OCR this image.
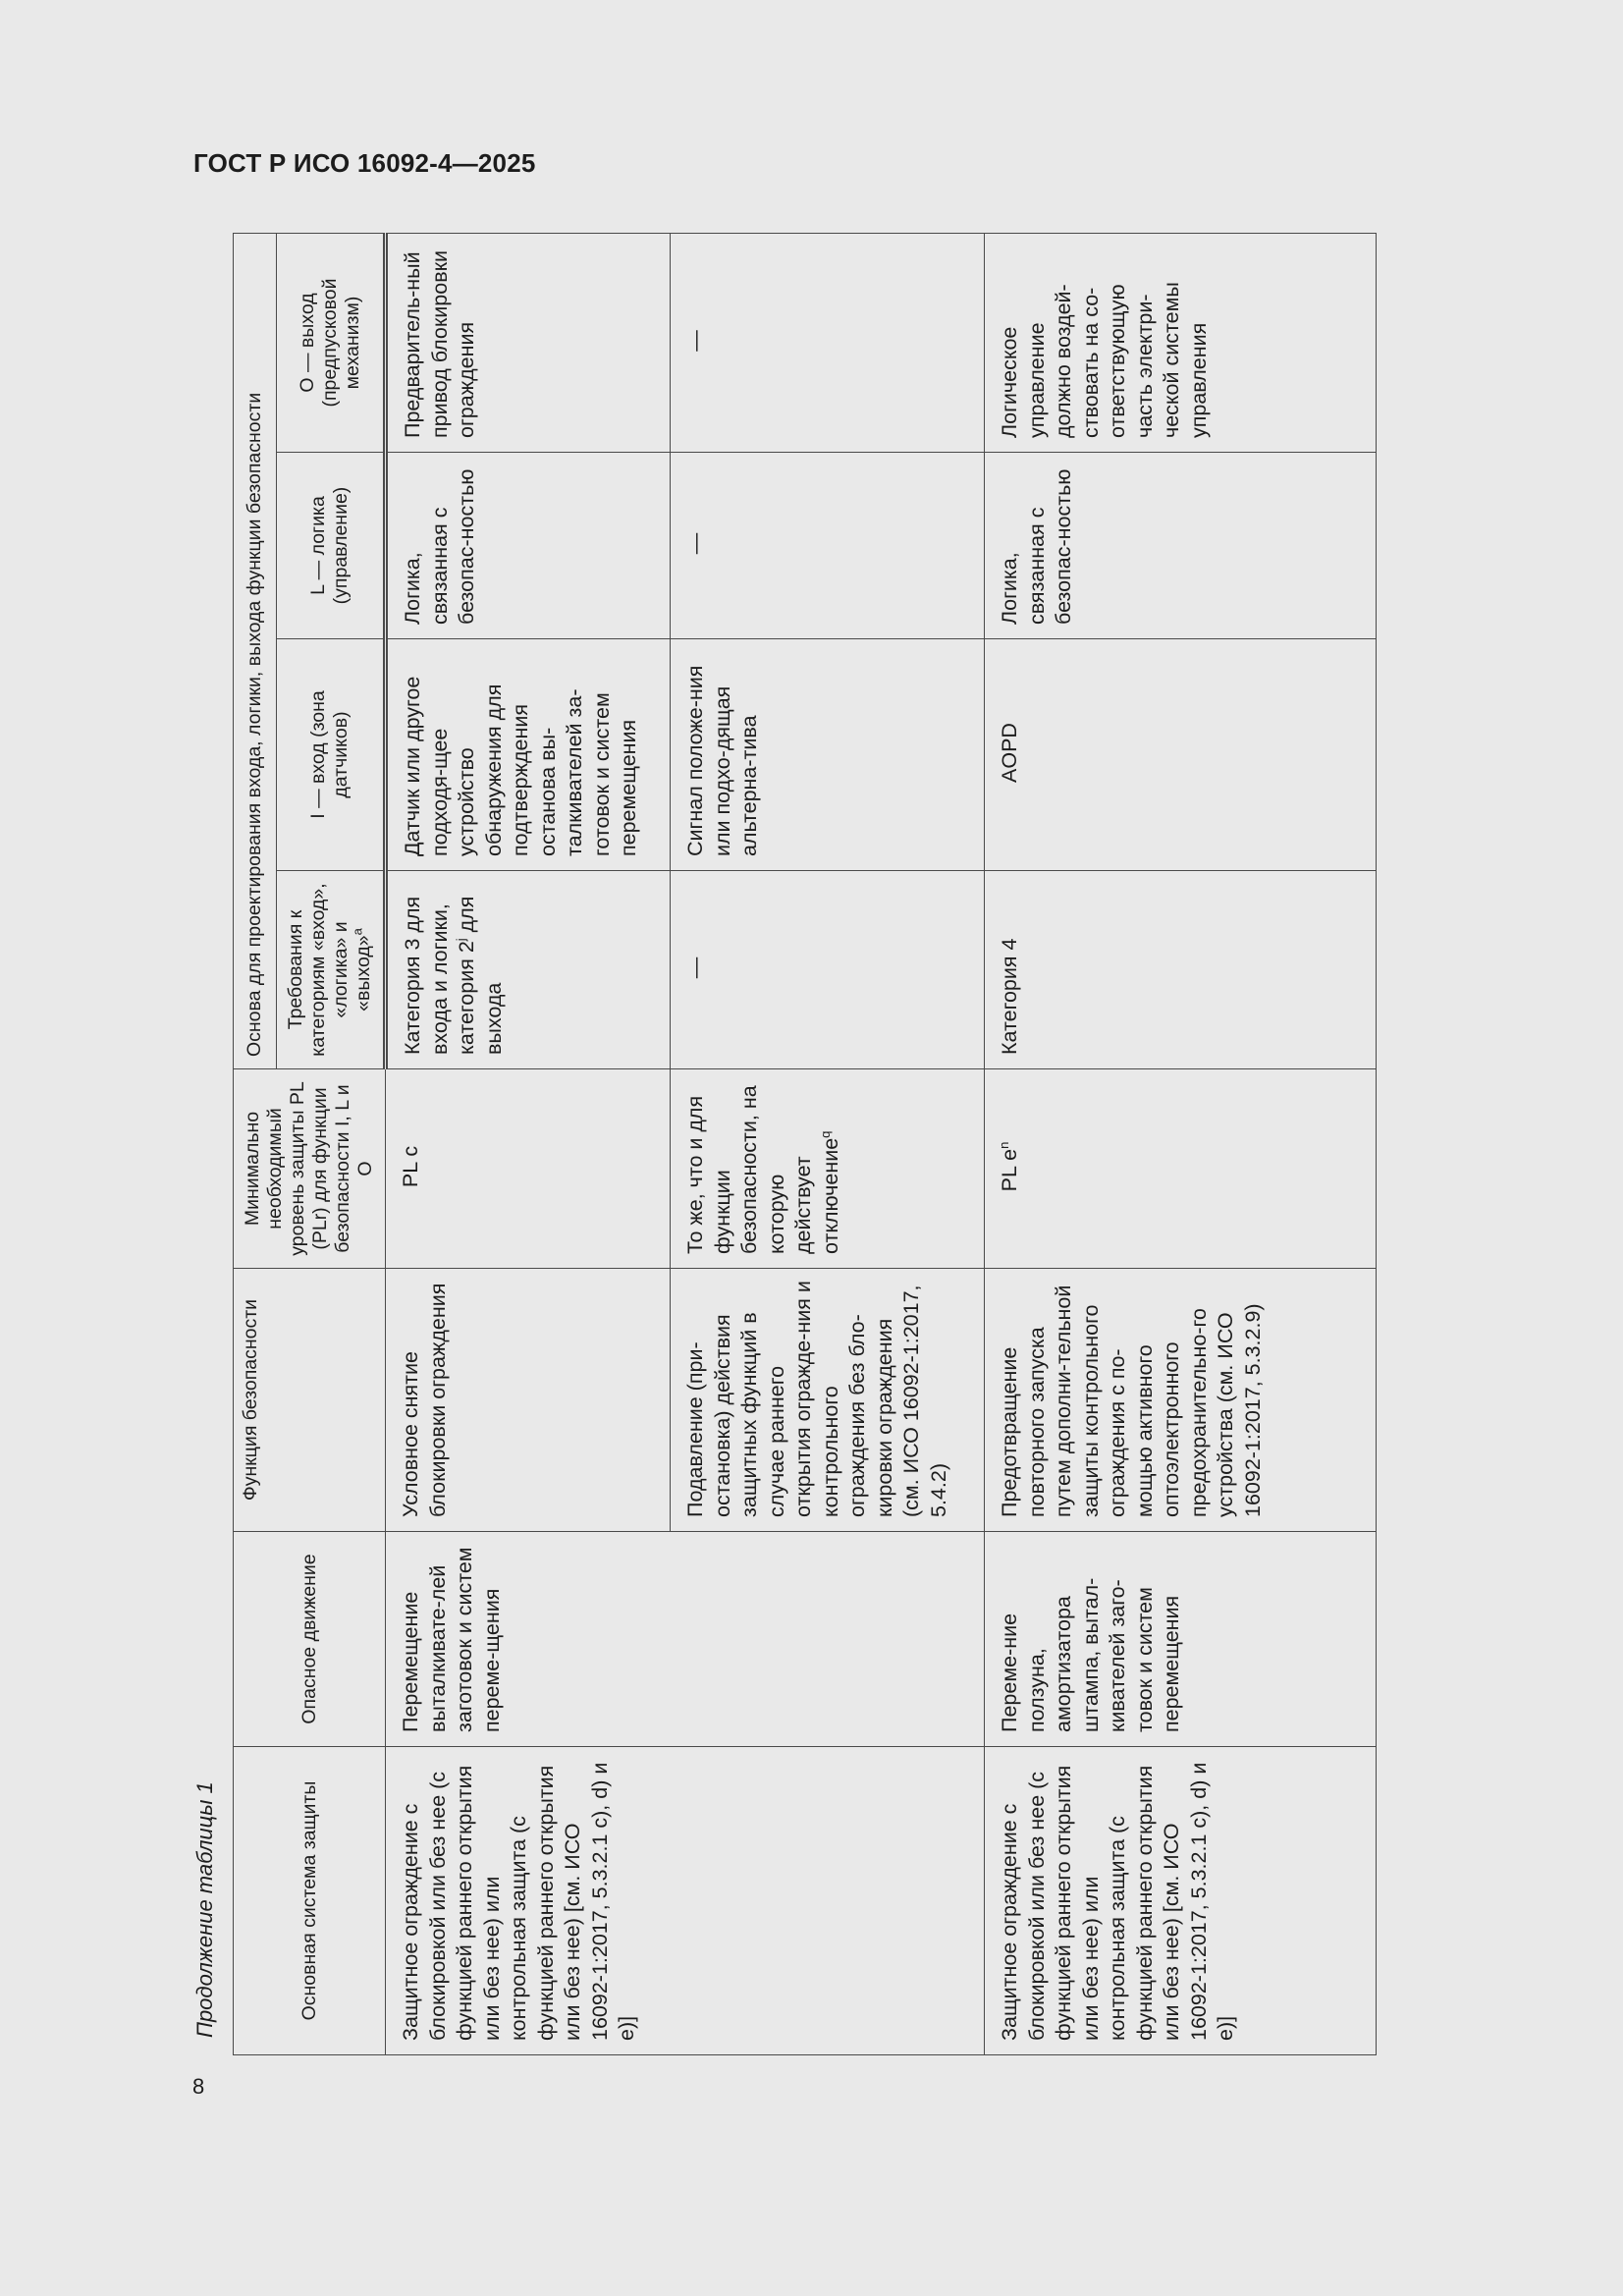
ГОСТ Р ИСО 16092-4—2025
Продолжение таблицы 1
8
Основная система защиты	Опасное движение	Функция безопасности	Минимально необходимый уровень защиты PL (PLr) для функции безопасности I, L и O	Основа для проектирования входа, логики, выхода функции безопасности			
				Требования к категориям «вход», «логика» и «выход»$^a$	I — вход (зона датчиков)	L — логика (управление)	O — выход (предпусковой механизм)
Защитное ограждение с блокировкой или без нее (с функцией раннего открытия или без нее) или контрольная защита (с функцией раннего открытия или без нее) [см. ИСО 16092-1:2017, 5.3.2.1 c), d) и e)]	Перемещение выталкивате-лей заготовок и систем переме-щения	Условное снятие блокировки ограждения	PL c	Категория 3 для входа и логики, категория 2$^j$ для выхода	Датчик или другое подходя-щее устройство обнаружения для подтверждения останова вы-талкивателей за-готовок и систем перемещения	Логика, связанная с безопас-ностью	Предваритель-ный привод блокировки ограждения
		Подавление (при-остановка) действия защитных функций в случае раннего открытия огражде-ния и контрольного ограждения без бло-кировки ограждения (см. ИСО 16092-1:2017, 5.4.2)	То же, что и для функции безопасности, на которую действует отключение$^q$	—	Сигнал положе-ния или подхо-дящая альтерна-тива	—	—
Защитное ограждение с блокировкой или без нее (с функцией раннего открытия или без нее) или контрольная защита (с функцией раннего открытия или без нее) [см. ИСО 16092-1:2017, 5.3.2.1 c), d) и e)]	Переме-ние ползуна, амортизатора штампа, вытал-кивателей заго-товок и систем перемещения	Предотвращение повторного запуска путем дополни-тельной защиты контрольного ограждения с по-мощью активного оптоэлектронного предохранительно-го устройства (см. ИСО 16092-1:2017, 5.3.2.9)	PL $e^n$	Категория 4	AOPD	Логика, связанная с безопас-ностью	Логическое управление должно воздей-ствовать на со-ответствующую часть электри-ческой системы управления
